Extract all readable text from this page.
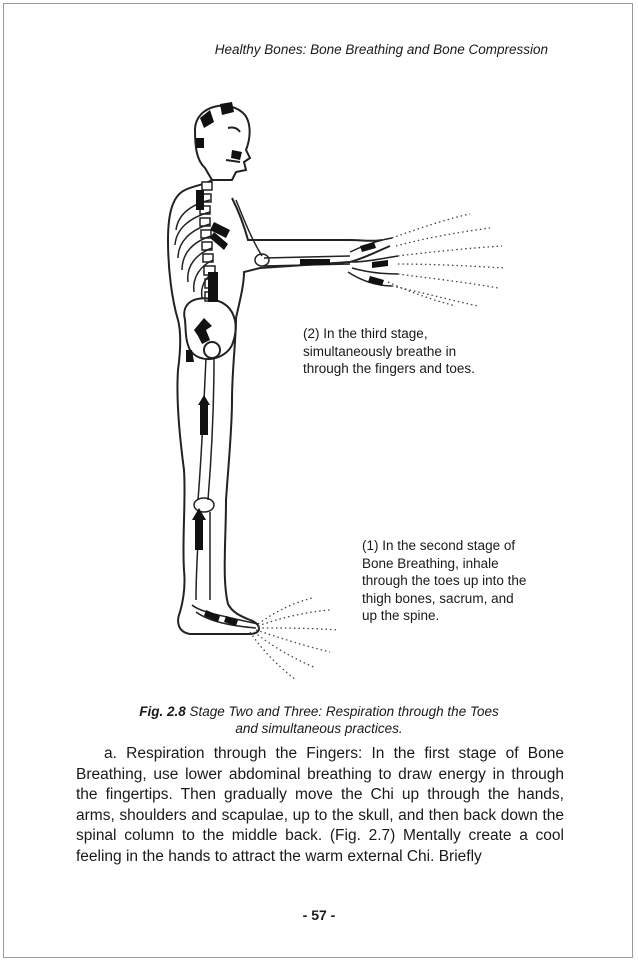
Healthy Bones: Bone Breathing and Bone Compression
(2) In the third stage,
simultaneously breathe in
through the fingers and toes.
(1) In the second stage of
Bone Breathing, inhale
through the toes up into the
thigh bones, sacrum, and
up the spine.
Fig. 2.8 Stage Two and Three: Respiration through the Toes
and simultaneous practices.
a. Respiration through the Fingers: In the first stage of Bone Breathing, use lower abdominal breathing to draw energy in through the fingertips. Then gradually move the Chi up through the hands, arms, shoulders and scapulae, up to the skull, and then back down the spinal column to the middle back. (Fig. 2.7) Mentally create a cool feeling in the hands to attract the warm external Chi. Briefly
- 57 -
